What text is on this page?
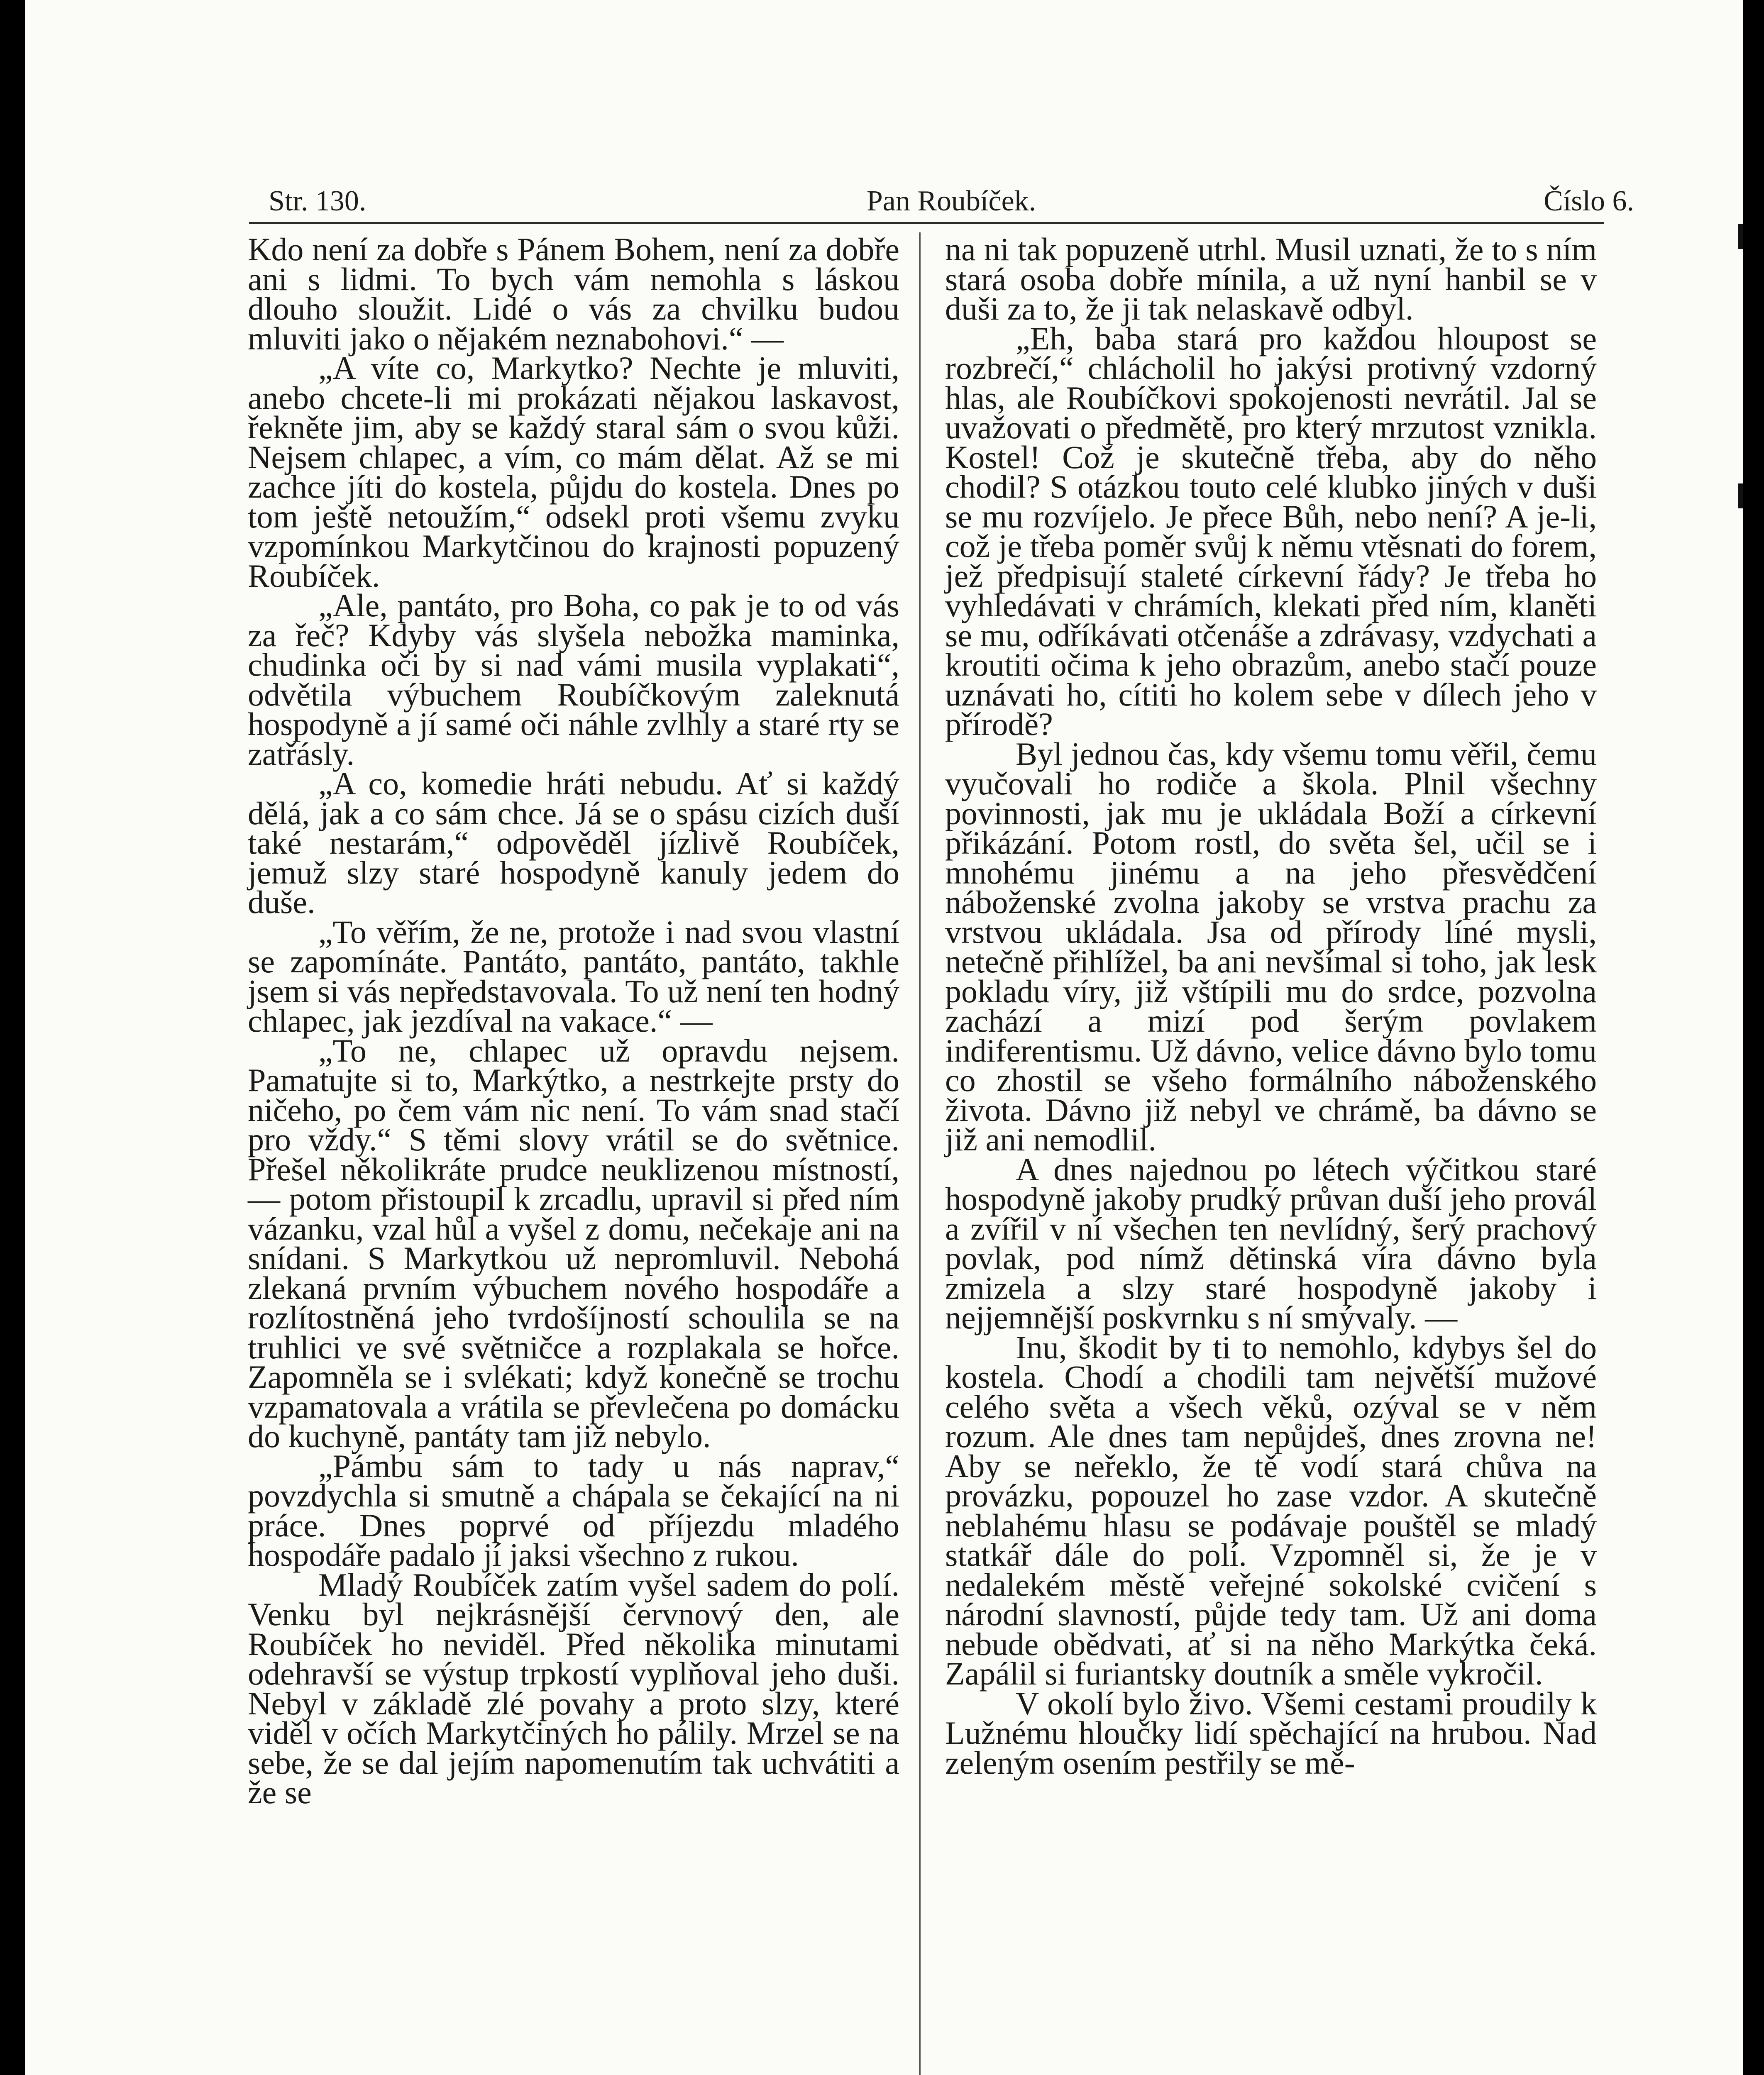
Str. 130.	Pan Roubíček.	Číslo 6.

Kdo není za dobře s Pánem Bohem, není za dobře ani s lidmi. To bych vám nemohla s láskou dlouho sloužit. Lidé o vás za chvilku budou mluviti jako o nějakém neznabohovi.“ —

„A víte co, Markytko? Nechte je mluviti, anebo chcete-li mi prokázati nějakou laskavost, řekněte jim, aby se každý staral sám o svou kůži. Nejsem chlapec, a vím, co mám dělat. Až se mi zachce jíti do kostela, půjdu do kostela. Dnes po tom ještě netoužím,“ odsekl proti všemu zvyku vzpomínkou Markytčinou do krajnosti popuzený Roubíček.

„Ale, pantáto, pro Boha, co pak je to od vás za řeč? Kdyby vás slyšela nebožka maminka, chudinka oči by si nad vámi musila vyplakati“, odvětila výbuchem Roubíčkovým zaleknutá hospodyně a jí samé oči náhle zvlhly a staré rty se zatřásly.

„A co, komedie hráti nebudu. Ať si každý dělá, jak a co sám chce. Já se o spásu cizích duší také nestarám,“ odpověděl jízlivě Roubíček, jemuž slzy staré hospodyně kanuly jedem do duše.

„To věřím, že ne, protože i nad svou vlastní se zapomínáte. Pantáto, pantáto, pantáto, takhle jsem si vás nepředstavovala. To už není ten hodný chlapec, jak jezdíval na vakace.“ —

„To ne, chlapec už opravdu nejsem. Pamatujte si to, Markýtko, a nestrkejte prsty do ničeho, po čem vám nic není. To vám snad stačí pro vždy.“ S těmi slovy vrátil se do světnice. Přešel několikráte prudce neuklizenou místností, — potom přistoupil k zrcadlu, upravil si před ním vázanku, vzal hůl a vyšel z domu, nečekaje ani na snídani. S Markytkou už nepromluvil. Nebohá zlekaná prvním výbuchem nového hospodáře a rozlítostněná jeho tvrdošíjností schoulila se na truhlici ve své světničce a rozplakala se hořce. Zapomněla se i svlékati; když konečně se trochu vzpamatovala a vrátila se převlečena po domácku do kuchyně, pantáty tam již nebylo.

„Pámbu sám to tady u nás naprav,“ povzdychla si smutně a chápala se čekající na ni práce. Dnes poprvé od příjezdu mladého hospodáře padalo jí jaksi všechno z rukou.

Mladý Roubíček zatím vyšel sadem do polí. Venku byl nejkrásnější červnový den, ale Roubíček ho neviděl. Před několika minutami odehravší se výstup trpkostí vyplňoval jeho duši. Nebyl v základě zlé povahy a proto slzy, které viděl v očích Markytčiných ho pálily. Mrzel se na sebe, že se dal jejím napomenutím tak uchvátiti a že se

na ni tak popuzeně utrhl. Musil uznati, že to s ním stará osoba dobře mínila, a už nyní hanbil se v duši za to, že ji tak nelaskavě odbyl.

„Eh, baba stará pro každou hloupost se rozbrečí,“ chlácholil ho jakýsi protivný vzdorný hlas, ale Roubíčkovi spokojenosti nevrátil. Jal se uvažovati o předmětě, pro který mrzutost vznikla. Kostel! Což je skutečně třeba, aby do něho chodil? S otázkou touto celé klubko jiných v duši se mu rozvíjelo. Je přece Bůh, nebo není? A je-li, což je třeba poměr svůj k němu vtěsnati do forem, jež předpisují staleté církevní řády? Je třeba ho vyhledávati v chrámích, klekati před ním, klaněti se mu, odříkávati otčenáše a zdrávasy, vzdychati a kroutiti očima k jeho obrazům, anebo stačí pouze uznávati ho, cítiti ho kolem sebe v dílech jeho v přírodě?

Byl jednou čas, kdy všemu tomu věřil, čemu vyučovali ho rodiče a škola. Plnil všechny povinnosti, jak mu je ukládala Boží a církevní přikázání. Potom rostl, do světa šel, učil se i mnohému jinému a na jeho přesvědčení náboženské zvolna jakoby se vrstva prachu za vrstvou ukládala. Jsa od přírody líné mysli, netečně přihlížel, ba ani nevšímal si toho, jak lesk pokladu víry, již vštípili mu do srdce, pozvolna zachází a mizí pod šerým povlakem indiferentismu. Už dávno, velice dávno bylo tomu co zhostil se všeho formálního náboženského života. Dávno již nebyl ve chrámě, ba dávno se již ani nemodlil.

A dnes najednou po létech výčitkou staré hospodyně jakoby prudký průvan duší jeho provál a zvířil v ní všechen ten nevlídný, šerý prachový povlak, pod nímž dětinská víra dávno byla zmizela a slzy staré hospodyně jakoby i nejjemnější poskvrnku s ní smývaly. —

Inu, škodit by ti to nemohlo, kdybys šel do kostela. Chodí a chodili tam největší mužové celého světa a všech věků, ozýval se v něm rozum. Ale dnes tam nepůjdeš, dnes zrovna ne! Aby se neřeklo, že tě vodí stará chůva na provázku, popouzel ho zase vzdor. A skutečně neblahému hlasu se podávaje pouštěl se mladý statkář dále do polí. Vzpomněl si, že je v nedalekém městě veřejné sokolské cvičení s národní slavností, půjde tedy tam. Už ani doma nebude obědvati, ať si na něho Markýtka čeká. Zapálil si furiantsky doutník a směle vykročil.

V okolí bylo živo. Všemi cestami proudily k Lužnému hloučky lidí spěchající na hrubou. Nad zeleným osením pestřily se mě-
